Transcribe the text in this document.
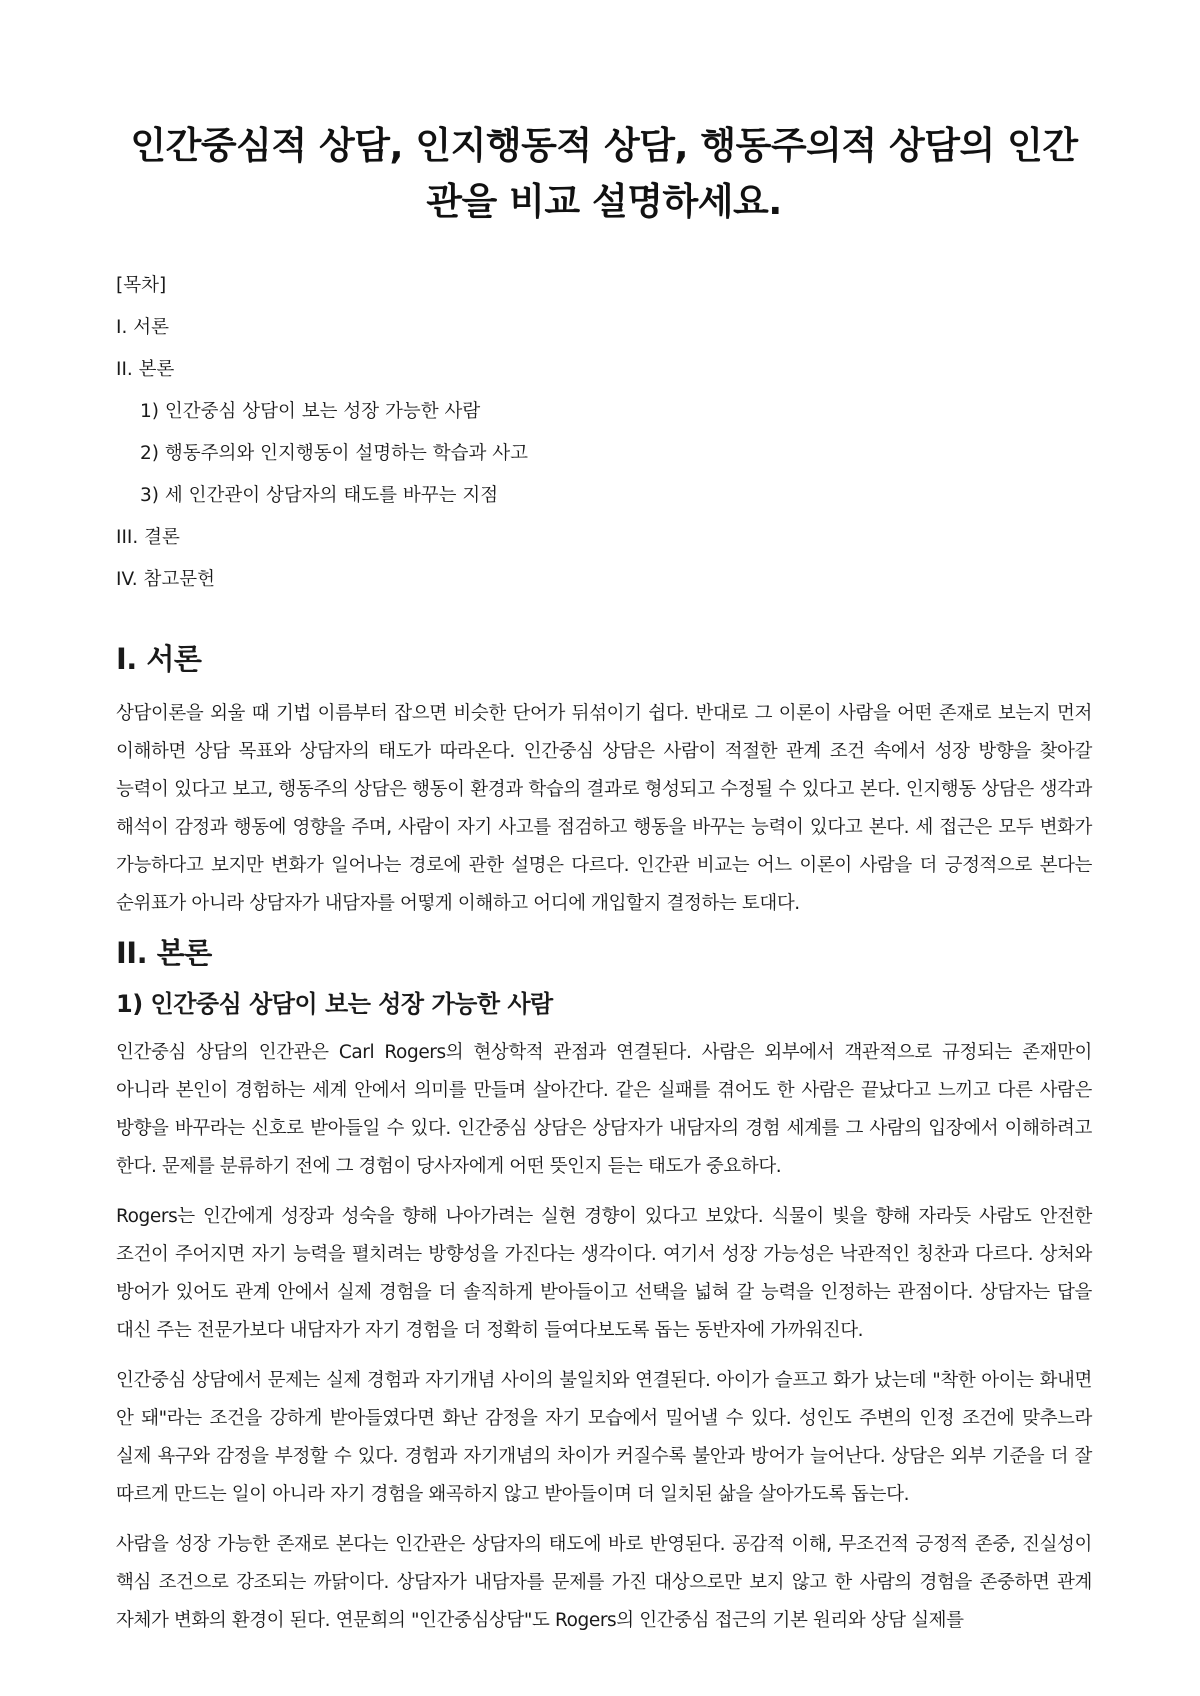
인간중심적 상담, 인지행동적 상담, 행동주의적 상담의 인간관을 비교 설명하세요.
[목차]
I. 서론
II. 본론
1) 인간중심 상담이 보는 성장 가능한 사람
2) 행동주의와 인지행동이 설명하는 학습과 사고
3) 세 인간관이 상담자의 태도를 바꾸는 지점
III. 결론
IV. 참고문헌
I. 서론

상담이론을 외울 때 기법 이름부터 잡으면 비슷한 단어가 뒤섞이기 쉽다. 반대로 그 이론이 사람을 어떤 존재로 보는지 먼저 이해하면 상담 목표와 상담자의 태도가 따라온다. 인간중심 상담은 사람이 적절한 관계 조건 속에서 성장 방향을 찾아갈 능력이 있다고 보고, 행동주의 상담은 행동이 환경과 학습의 결과로 형성되고 수정될 수 있다고 본다. 인지행동 상담은 생각과 해석이 감정과 행동에 영향을 주며, 사람이 자기 사고를 점검하고 행동을 바꾸는 능력이 있다고 본다. 세 접근은 모두 변화가 가능하다고 보지만 변화가 일어나는 경로에 관한 설명은 다르다. 인간관 비교는 어느 이론이 사람을 더 긍정적으로 본다는 순위표가 아니라 상담자가 내담자를 어떻게 이해하고 어디에 개입할지 결정하는 토대다.

II. 본론
1) 인간중심 상담이 보는 성장 가능한 사람

인간중심 상담의 인간관은 Carl Rogers의 현상학적 관점과 연결된다. 사람은 외부에서 객관적으로 규정되는 존재만이 아니라 본인이 경험하는 세계 안에서 의미를 만들며 살아간다. 같은 실패를 겪어도 한 사람은 끝났다고 느끼고 다른 사람은 방향을 바꾸라는 신호로 받아들일 수 있다. 인간중심 상담은 상담자가 내담자의 경험 세계를 그 사람의 입장에서 이해하려고 한다. 문제를 분류하기 전에 그 경험이 당사자에게 어떤 뜻인지 듣는 태도가 중요하다.

Rogers는 인간에게 성장과 성숙을 향해 나아가려는 실현 경향이 있다고 보았다. 식물이 빛을 향해 자라듯 사람도 안전한 조건이 주어지면 자기 능력을 펼치려는 방향성을 가진다는 생각이다. 여기서 성장 가능성은 낙관적인 칭찬과 다르다. 상처와 방어가 있어도 관계 안에서 실제 경험을 더 솔직하게 받아들이고 선택을 넓혀 갈 능력을 인정하는 관점이다. 상담자는 답을 대신 주는 전문가보다 내담자가 자기 경험을 더 정확히 들여다보도록 돕는 동반자에 가까워진다.

인간중심 상담에서 문제는 실제 경험과 자기개념 사이의 불일치와 연결된다. 아이가 슬프고 화가 났는데 "착한 아이는 화내면 안 돼"라는 조건을 강하게 받아들였다면 화난 감정을 자기 모습에서 밀어낼 수 있다. 성인도 주변의 인정 조건에 맞추느라 실제 욕구와 감정을 부정할 수 있다. 경험과 자기개념의 차이가 커질수록 불안과 방어가 늘어난다. 상담은 외부 기준을 더 잘 따르게 만드는 일이 아니라 자기 경험을 왜곡하지 않고 받아들이며 더 일치된 삶을 살아가도록 돕는다.

사람을 성장 가능한 존재로 본다는 인간관은 상담자의 태도에 바로 반영된다. 공감적 이해, 무조건적 긍정적 존중, 진실성이 핵심 조건으로 강조되는 까닭이다. 상담자가 내담자를 문제를 가진 대상으로만 보지 않고 한 사람의 경험을 존중하면 관계 자체가 변화의 환경이 된다. 연문희의 "인간중심상담"도 Rogers의 인간중심 접근의 기본 원리와 상담 실제를
